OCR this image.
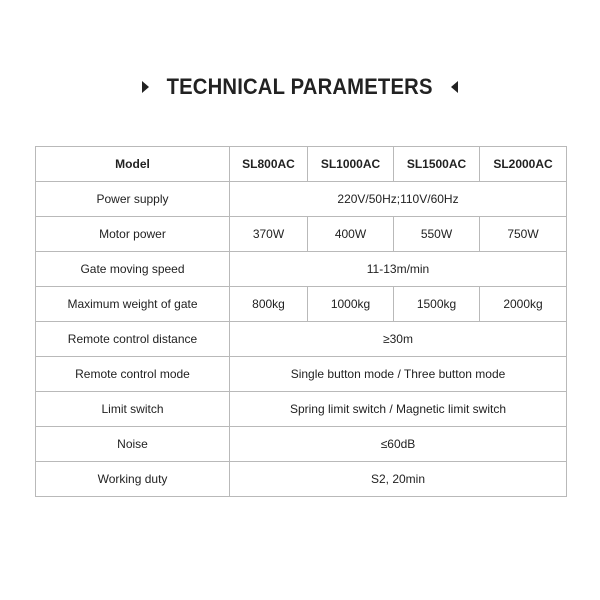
TECHNICAL PARAMETERS
Model	SL800AC	SL1000AC	SL1500AC	SL2000AC
Power supply	220V/50Hz;110V/60Hz			
Motor power	370W	400W	550W	750W
Gate moving speed	11-13m/min			
Maximum weight of gate	800kg	1000kg	1500kg	2000kg
Remote control distance	≥30m			
Remote control mode	Single button mode / Three button mode			
Limit switch	Spring limit switch / Magnetic limit switch			
Noise	≤60dB			
Working duty	S2, 20min			
